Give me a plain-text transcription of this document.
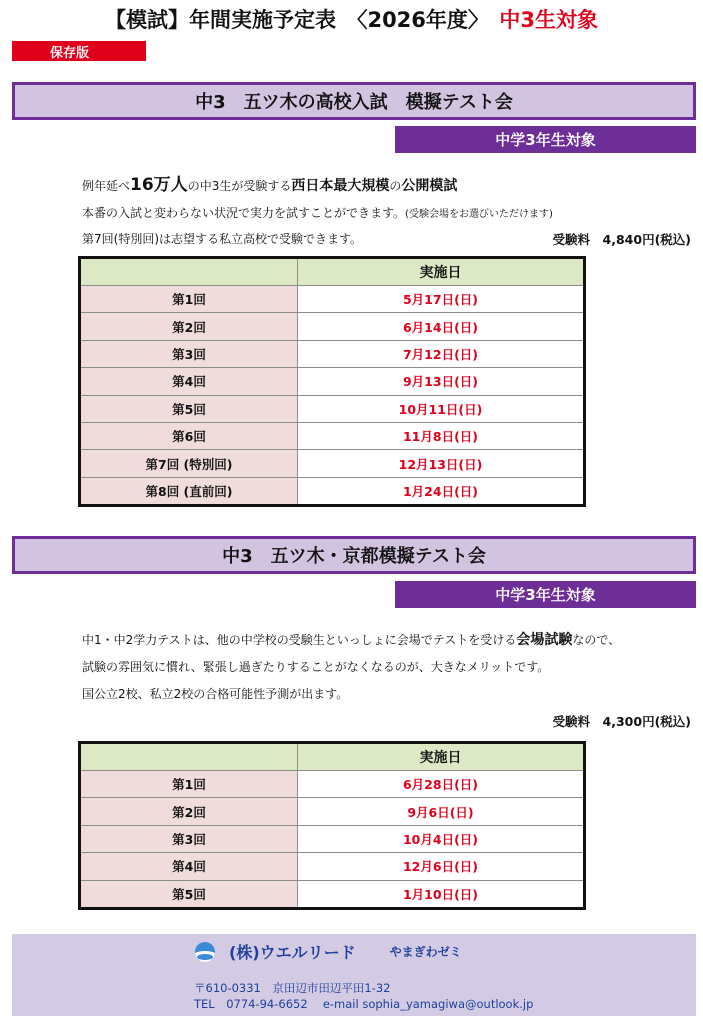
【模試】年間実施予定表　〈2026年度〉　 中3生対象
保存版
中3　五ツ木の高校入試　模擬テスト会
中学3年生対象
例年延べ16万人の中3生が受験する西日本最大規模の公開模試
本番の入試と変わらない状況で実力を試すことができます。(受験会場をお選びいただけます)
第7回(特別回)は志望する私立高校で受験できます。	受験料　4,840円(税込)
	実施日
第1回	5月17日(日)
第2回	6月14日(日)
第3回	7月12日(日)
第4回	9月13日(日)
第5回	10月11日(日)
第6回	11月8日(日)
第7回 (特別回)	12月13日(日)
第8回 (直前回)	1月24日(日)
中3　五ツ木・京都模擬テスト会
中学3年生対象
中1・中2学力テストは、他の中学校の受験生といっしょに会場でテストを受ける会場試験なので、
試験の雰囲気に慣れ、緊張し過ぎたりすることがなくなるのが、大きなメリットです。
国公立2校、私立2校の合格可能性予測が出ます。
受験料　4,300円(税込)
	実施日
第1回	6月28日(日)
第2回	9月6日(日)
第3回	10月4日(日)
第4回	12月6日(日)
第5回	1月10日(日)
(株)ウエルリード	やまぎわゼミ
〒610-0331　京田辺市田辺平田1-32
TEL　0774-94-6652　 e-mail sophia_yamagiwa@outlook.jp
